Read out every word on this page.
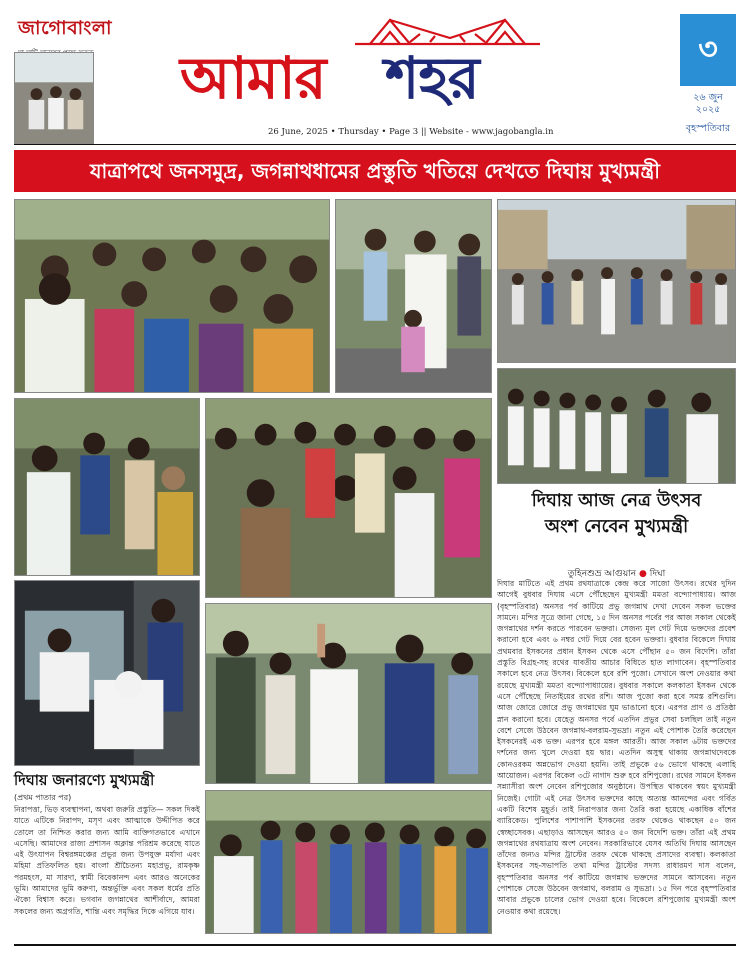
জাগোবাংলা
আমার শহর
26 June, 2025 • Thursday • Page 3 || Website - www.jagobangla.in
৩
২৬ জুন
২০২৫
বৃহস্পতিবার
যাত্রাপথে জনসমুদ্র, জগন্নাথধামের প্রস্তুতি খতিয়ে দেখতে দিঘায় মুখ্যমন্ত্রী
দিঘায় আজ নেত্র উৎসব
অংশ নেবেন মুখ্যমন্ত্রী
তুহিনশুভ্র আগুয়ান ● দিঘা
দিঘার মাটিতে এই প্রথম রথযাত্রাকে কেন্দ্র করে সাজো উৎসব। রথের দুদিন আগেই বুধবার দিঘায় এসে পৌঁছেছেন মুখ্যমন্ত্রী মমতা বন্দ্যোপাধ্যায়। আজ (বৃহস্পতিবার) অনসর পর্ব কাটিয়ে প্রভু জগন্নাথ দেখা দেবেন সকল ভক্তের সামনে। মন্দির সূত্রে জানা গেছে, ১৫ দিন অনসর পর্বের পর আজ সকাল থেকেই জগন্নাথের দর্শন করতে পারবেন ভক্তরা। সেজন্য মূল গেট দিয়ে ভক্তদের প্রবেশ করানো হবে এবং ৬ নম্বর গেট দিয়ে বের হবেন ভক্তরা। বুধবার বিকেলে দিঘায় প্রথমবার ইসকনের প্রধান ইসকন থেকে এসে পৌঁছান ৫০ জন বিদেশি। তাঁরা প্রস্তুতি বিগ্রহ-সহ রথের যাবতীয় আচার বিধিতে হাত লাগাবেন। বৃহস্পতিবার সকালে হবে নেত্র উৎসব। বিকেলে হবে রশি পুজো। সেখানে অংশ নেওয়ার কথা রয়েছে মুখ্যমন্ত্রী মমতা বন্দ্যোপাধ্যায়ের। বুধবার সকালে কলকাতা ইসকন থেকে এসে পৌঁছেছে নিতাইয়ের রথের রশি। আজ পুজো করা হবে সমস্ত রশিগুলি। আজ জোরে জোরে প্রভু জগন্নাথের ঘুম ভাঙানো হবে। এরপর প্রাণ ও প্রতিষ্ঠা স্নান করানো হবে। যেহেতু অনসর পর্বে এতদিন প্রভুর সেবা চলছিল তাই নতুন বেশে সেজে উঠবেন জগন্নাথ-বলরাম-সুভদ্রা। নতুন এই পোশাক তৈরি করেছেন ইসকনেরই এক ভক্ত। এরপর হবে মঙ্গল আরতী। আজ সকাল ৬টায় ভক্তদের দর্শনের জন্য খুলে দেওয়া হয় দ্বার। এতদিন অসুস্থ থাকায় জগন্নাথদেবকে কোনওরকম অন্নভোগ দেওয়া হয়নি। তাই প্রভুকে ৫৬ ভোগে থাকছে এলাহি আয়োজন। এরপর বিকেল ৩টে নাগাদ শুরু হবে রশিপুজো। রথের সামনে ইসকন সন্ন্যাসীরা অংশ নেবেন রশিপুজোর অনুষ্ঠানে। উপস্থিত থাকবেন স্বয়ং মুখ্যমন্ত্রী নিজেই। গোটা এই নেত্র উৎসব ভক্তদের কাছে অত্যন্ত আনন্দের এবং গর্বিত একটি বিশেষ মুহূর্ত। তাই নিরাপত্তার জন্য তৈরি করা হয়েছে একাধিক বাঁশের ব্যারিকেড। পুলিশের পাশাপাশি ইসকনের তরফ থেকেও থাকছেন ৫০ জন স্বেচ্ছাসেবক। এছাড়াও আসছেন আরও ৫০ জন বিদেশি ভক্ত। তাঁরা এই প্রথম জগন্নাথের রথযাত্রায় অংশ নেবেন। সরকারিভাবে যেসব অতিথি দিঘায় আসছেন তাঁদের জন্যও মন্দির ট্রাস্টের তরফ থেকে থাকছে প্রসাদের ব্যবস্থা। কলকাতা ইসকনের সহ-সভাপতি তথা মন্দির ট্রাস্টের সদস্য রাধারমণ দাস বলেন, বৃহস্পতিবার অনসর পর্ব কাটিয়ে জগন্নাথ ভক্তদের সামনে আসবেন। নতুন পোশাকে সেজে উঠবেন জগন্নাথ, বলরাম ও সুভদ্রা। ১৫ দিন পরে বৃহস্পতিবার আবার প্রভুকে চালের ভোগ দেওয়া হবে। বিকেলে রশিপুজোয় মুখ্যমন্ত্রী অংশ নেওয়ার কথা রয়েছে।
দিঘায় জনারণ্যে মুখ্যমন্ত্রী
(প্রথম পাতার পর)

নিরাপত্তা, ভিড় ব্যবস্থাপনা, অথবা জরুরি প্রস্তুতি— সকল দিকই যাতে এটিকে নিরাপদ, মসৃণ এবং আত্মাকে উদ্দীপিত করে তোলে তা নিশ্চিত করার জন্য আমি ব্যক্তিগতভাবে এখানে এসেছি। আমাদের রাজ্য প্রশাসন অক্লান্ত পরিশ্রম করেছে যাতে এই উৎযাপন বিশ্বরঙ্গমঞ্চের প্রভুর জন্য উপযুক্ত মর্যাদা এবং মহিমা প্রতিফলিত হয়। বাংলা শ্রীচৈতন্য মহাপ্রভু, রামকৃষ্ণ পরমহংস, মা সারদা, স্বামী বিবেকানন্দ এবং আরও অনেকের ভূমি। আমাদের ভূমি করুণা, অন্তর্ভুক্তি এবং সকল ধর্মের প্রতি ঐক্যে বিশ্বাস করে। ভগবান জগন্নাথের আশীর্বাদে, আমরা সকলের জন্য অগ্রগতি, শান্তি এবং সমৃদ্ধির দিকে এগিয়ে যাব।
